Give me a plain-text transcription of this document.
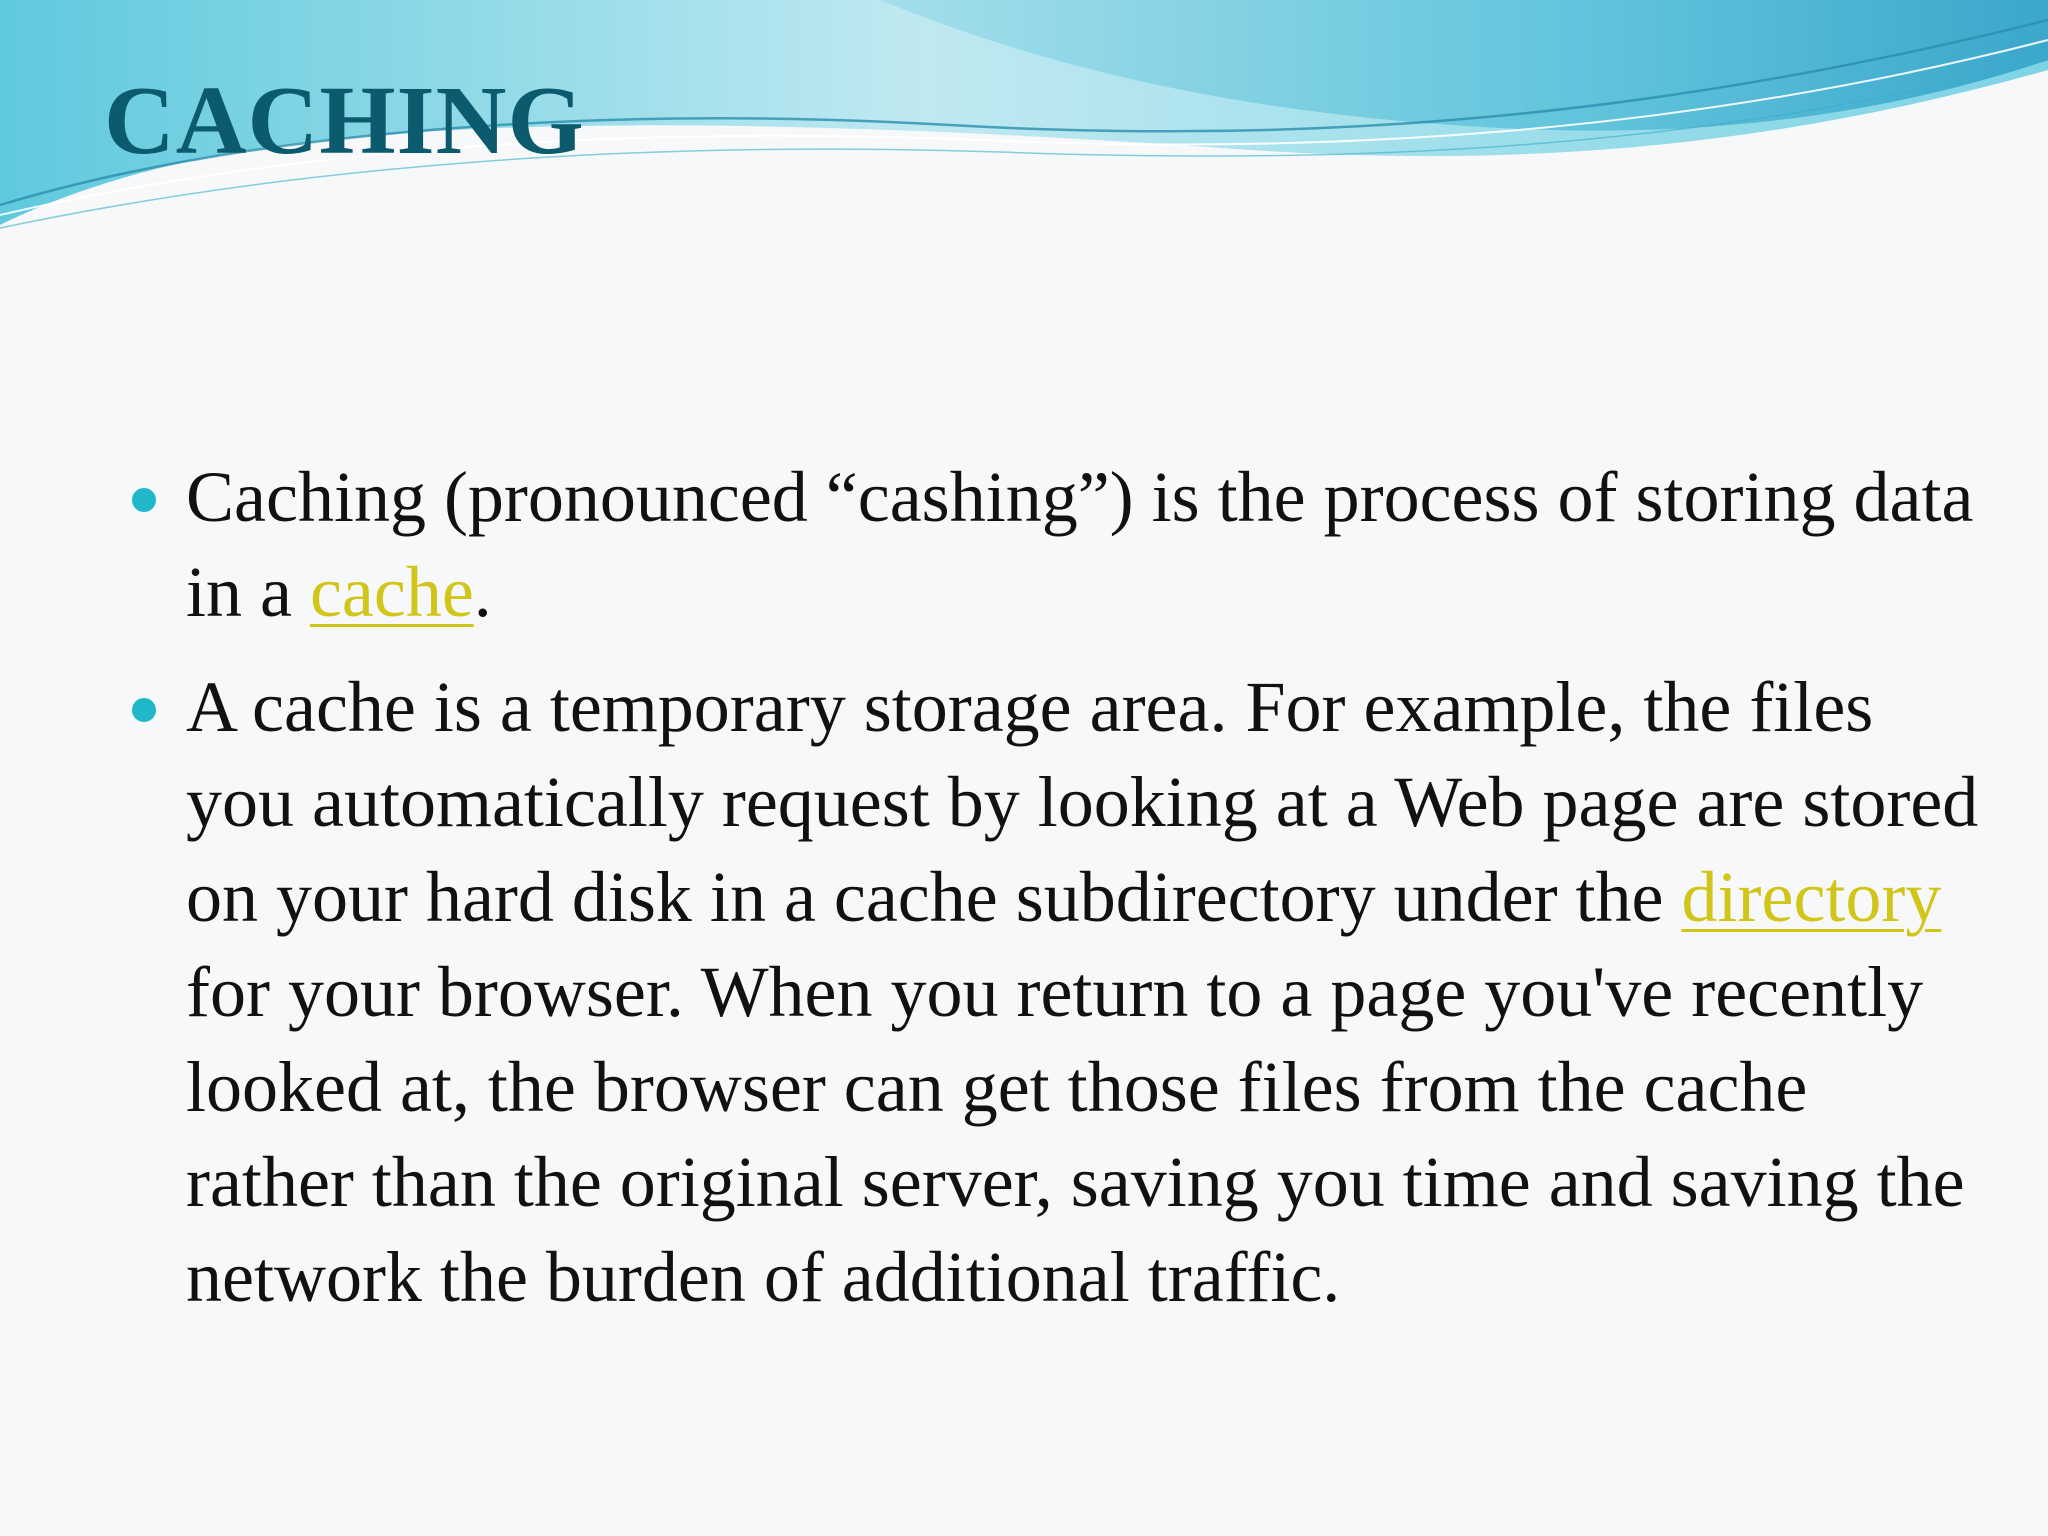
CACHING
Caching (pronounced “cashing”) is the process of storing data in a cache.
A cache is a temporary storage area. For example, the files you automatically request by looking at a Web page are stored on your hard disk in a cache subdirectory under the directory for your browser. When you return to a page you've recently looked at, the browser can get those files from the cache rather than the original server, saving you time and saving the network the burden of additional traffic.
